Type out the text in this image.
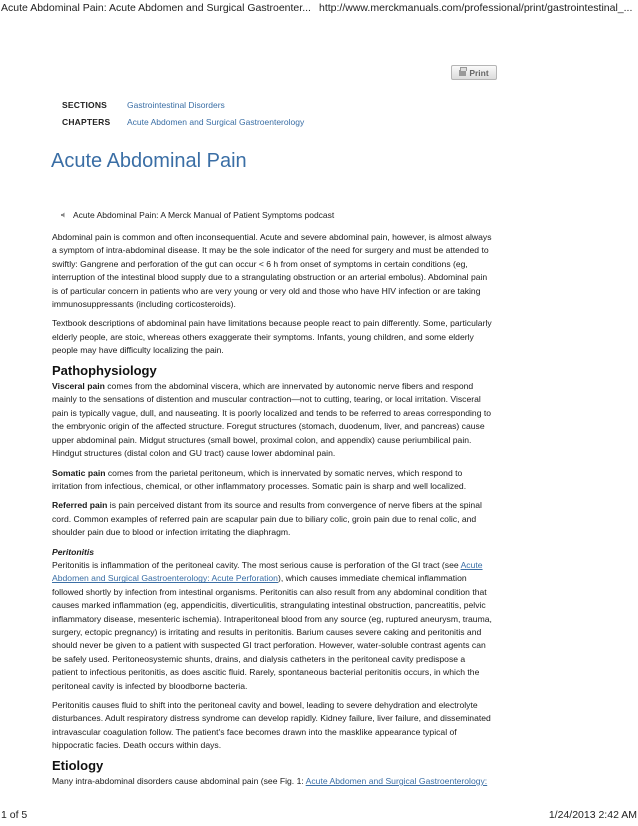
Acute Abdominal Pain: Acute Abdomen and Surgical Gastroenter... http://www.merckmanuals.com/professional/print/gastrointestinal_...
Print
SECTIONS	Gastrointestinal Disorders
CHAPTERS	Acute Abdomen and Surgical Gastroenterology
Acute Abdominal Pain
Acute Abdominal Pain: A Merck Manual of Patient Symptoms podcast

Abdominal pain is common and often inconsequential. Acute and severe abdominal pain, however, is almost always a symptom of intra-abdominal disease. It may be the sole indicator of the need for surgery and must be attended to swiftly: Gangrene and perforation of the gut can occur < 6 h from onset of symptoms in certain conditions (eg, interruption of the intestinal blood supply due to a strangulating obstruction or an arterial embolus). Abdominal pain is of particular concern in patients who are very young or very old and those who have HIV infection or are taking immunosuppressants (including corticosteroids).

Textbook descriptions of abdominal pain have limitations because people react to pain differently. Some, particularly elderly people, are stoic, whereas others exaggerate their symptoms. Infants, young children, and some elderly people may have difficulty localizing the pain.

Pathophysiology

Visceral pain comes from the abdominal viscera, which are innervated by autonomic nerve fibers and respond mainly to the sensations of distention and muscular contraction—not to cutting, tearing, or local irritation. Visceral pain is typically vague, dull, and nauseating. It is poorly localized and tends to be referred to areas corresponding to the embryonic origin of the affected structure. Foregut structures (stomach, duodenum, liver, and pancreas) cause upper abdominal pain. Midgut structures (small bowel, proximal colon, and appendix) cause periumbilical pain. Hindgut structures (distal colon and GU tract) cause lower abdominal pain.

Somatic pain comes from the parietal peritoneum, which is innervated by somatic nerves, which respond to irritation from infectious, chemical, or other inflammatory processes. Somatic pain is sharp and well localized.

Referred pain is pain perceived distant from its source and results from convergence of nerve fibers at the spinal cord. Common examples of referred pain are scapular pain due to biliary colic, groin pain due to renal colic, and shoulder pain due to blood or infection irritating the diaphragm.

Peritonitis

Peritonitis is inflammation of the peritoneal cavity. The most serious cause is perforation of the GI tract (see Acute Abdomen and Surgical Gastroenterology: Acute Perforation), which causes immediate chemical inflammation followed shortly by infection from intestinal organisms. Peritonitis can also result from any abdominal condition that causes marked inflammation (eg, appendicitis, diverticulitis, strangulating intestinal obstruction, pancreatitis, pelvic inflammatory disease, mesenteric ischemia). Intraperitoneal blood from any source (eg, ruptured aneurysm, trauma, surgery, ectopic pregnancy) is irritating and results in peritonitis. Barium causes severe caking and peritonitis and should never be given to a patient with suspected GI tract perforation. However, water-soluble contrast agents can be safely used. Peritoneosystemic shunts, drains, and dialysis catheters in the peritoneal cavity predispose a patient to infectious peritonitis, as does ascitic fluid. Rarely, spontaneous bacterial peritonitis occurs, in which the peritoneal cavity is infected by bloodborne bacteria.

Peritonitis causes fluid to shift into the peritoneal cavity and bowel, leading to severe dehydration and electrolyte disturbances. Adult respiratory distress syndrome can develop rapidly. Kidney failure, liver failure, and disseminated intravascular coagulation follow. The patient's face becomes drawn into the masklike appearance typical of hippocratic facies. Death occurs within days.

Etiology

Many intra-abdominal disorders cause abdominal pain (see Fig. 1: Acute Abdomen and Surgical Gastroenterology:

1 of 5	1/24/2013 2:42 AM
